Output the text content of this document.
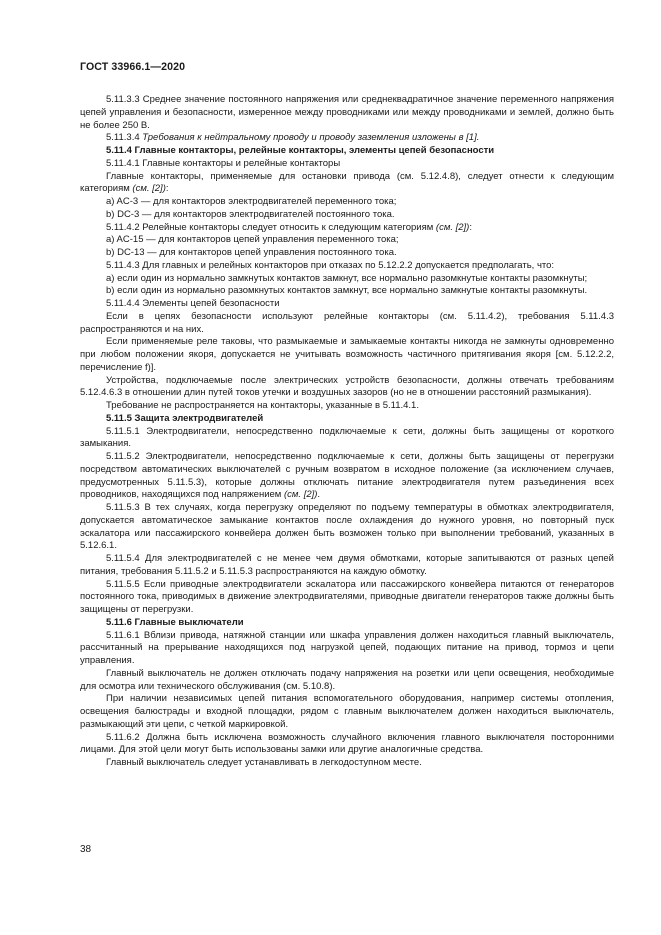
ГОСТ 33966.1—2020

5.11.3.3 Среднее значение постоянного напряжения или среднеквадратичное значение переменного напряжения цепей управления и безопасности, измеренное между проводниками или между проводниками и землей, должно быть не более 250 В.

5.11.3.4 Требования к нейтральному проводу и проводу заземления изложены в [1].

5.11.4 Главные контакторы, релейные контакторы, элементы цепей безопасности

5.11.4.1 Главные контакторы и релейные контакторы

Главные контакторы, применяемые для остановки привода (см. 5.12.4.8), следует отнести к следующим категориям (см. [2]):

a) AC-3 — для контакторов электродвигателей переменного тока;

b) DC-3 — для контакторов электродвигателей постоянного тока.

5.11.4.2 Релейные контакторы следует относить к следующим категориям (см. [2]):

a) AC-15 — для контакторов цепей управления переменного тока;

b) DC-13 — для контакторов цепей управления постоянного тока.

5.11.4.3 Для главных и релейных контакторов при отказах по 5.12.2.2 допускается предполагать, что:

a) если один из нормально замкнутых контактов замкнут, все нормально разомкнутые контакты разомкнуты;

b) если один из нормально разомкнутых контактов замкнут, все нормально замкнутые контакты разомкнуты.

5.11.4.4 Элементы цепей безопасности

Если в цепях безопасности используют релейные контакторы (см. 5.11.4.2), требования 5.11.4.3 распространяются и на них.

Если применяемые реле таковы, что размыкаемые и замыкаемые контакты никогда не замкнуты одновременно при любом положении якоря, допускается не учитывать возможность частичного притягивания якоря [см. 5.12.2.2, перечисление f)].

Устройства, подключаемые после электрических устройств безопасности, должны отвечать требованиям 5.12.4.6.3 в отношении длин путей токов утечки и воздушных зазоров (но не в отношении расстояний размыкания).

Требование не распространяется на контакторы, указанные в 5.11.4.1.

5.11.5 Защита электродвигателей

5.11.5.1 Электродвигатели, непосредственно подключаемые к сети, должны быть защищены от короткого замыкания.

5.11.5.2 Электродвигатели, непосредственно подключаемые к сети, должны быть защищены от перегрузки посредством автоматических выключателей с ручным возвратом в исходное положение (за исключением случаев, предусмотренных 5.11.5.3), которые должны отключать питание электродвигателя путем разъединения всех проводников, находящихся под напряжением (см. [2]).

5.11.5.3 В тех случаях, когда перегрузку определяют по подъему температуры в обмотках электродвигателя, допускается автоматическое замыкание контактов после охлаждения до нужного уровня, но повторный пуск эскалатора или пассажирского конвейера должен быть возможен только при выполнении требований, указанных в 5.12.6.1.

5.11.5.4 Для электродвигателей с не менее чем двумя обмотками, которые запитываются от разных цепей питания, требования 5.11.5.2 и 5.11.5.3 распространяются на каждую обмотку.

5.11.5.5 Если приводные электродвигатели эскалатора или пассажирского конвейера питаются от генераторов постоянного тока, приводимых в движение электродвигателями, приводные двигатели генераторов также должны быть защищены от перегрузки.

5.11.6 Главные выключатели

5.11.6.1 Вблизи привода, натяжной станции или шкафа управления должен находиться главный выключатель, рассчитанный на прерывание находящихся под нагрузкой цепей, подающих питание на привод, тормоз и цепи управления.

Главный выключатель не должен отключать подачу напряжения на розетки или цепи освещения, необходимые для осмотра или технического обслуживания (см. 5.10.8).

При наличии независимых цепей питания вспомогательного оборудования, например системы отопления, освещения балюстрады и входной площадки, рядом с главным выключателем должен находиться выключатель, размыкающий эти цепи, с четкой маркировкой.

5.11.6.2 Должна быть исключена возможность случайного включения главного выключателя посторонними лицами. Для этой цели могут быть использованы замки или другие аналогичные средства.

Главный выключатель следует устанавливать в легкодоступном месте.

38
